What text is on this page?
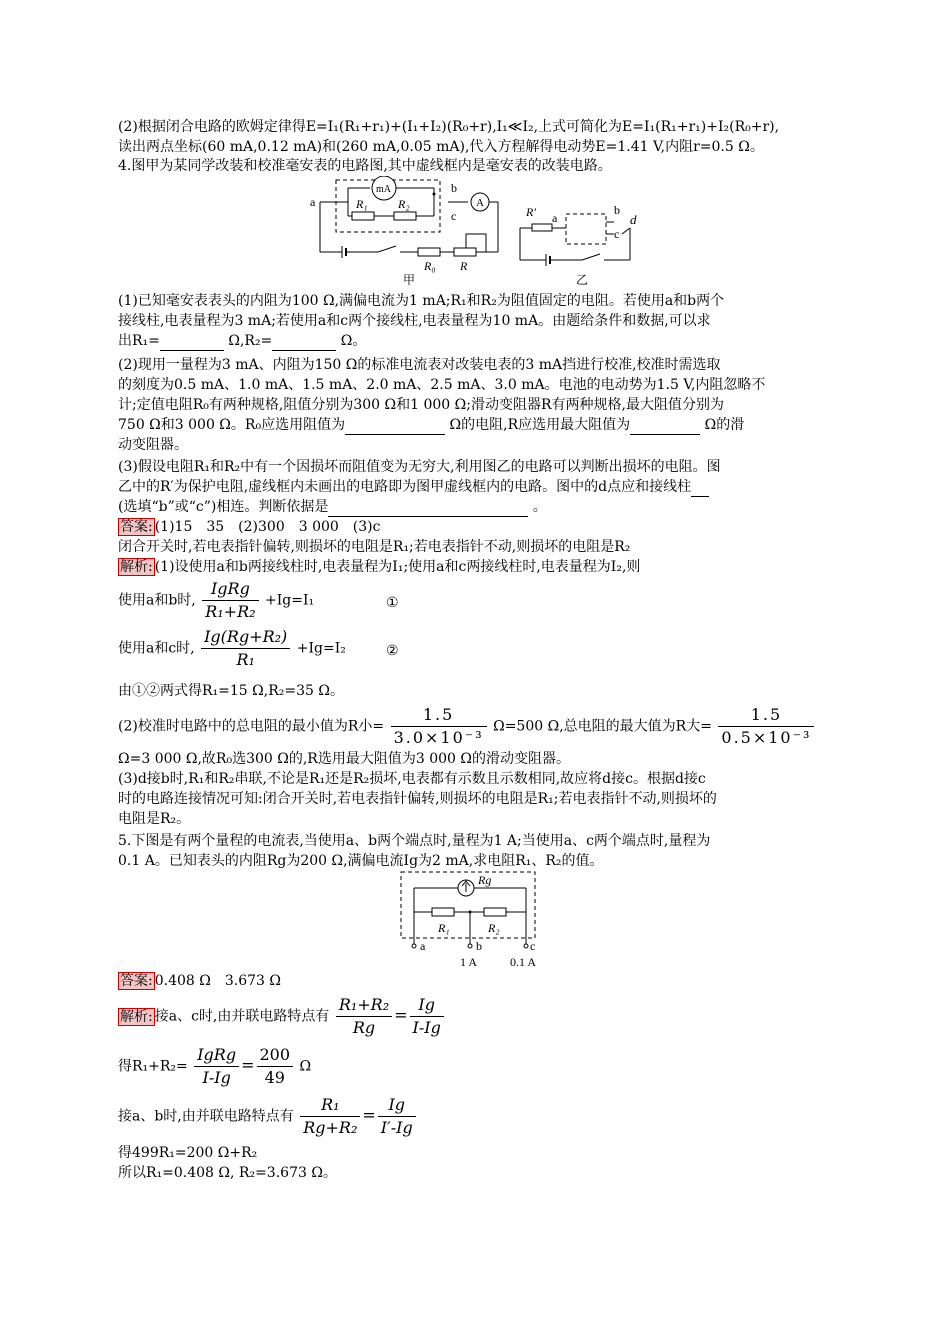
(2)根据闭合电路的欧姆定律得E=I₁(R₁+r₁)+(I₁+I₂)(R₀+r),I₁≪I₂,上式可简化为E=I₁(R₁+r₁)+I₂(R₀+r),
读出两点坐标(60 mA,0.12 mA)和(260 mA,0.05 mA),代入方程解得电动势E=1.41 V,内阻r=0.5 Ω。
4.图甲为某同学改装和校准毫安表的电路图,其中虚线框内是毫安表的改装电路。
mA
R₁	R₂
b
c
a	A
R₀ R
甲
R′ a
b
c
d
乙
(1)已知毫安表表头的内阻为100 Ω,满偏电流为1 mA;R₁和R₂为阻值固定的电阻。若使用a和b两个
接线柱,电表量程为3 mA;若使用a和c两个接线柱,电表量程为10 mA。由题给条件和数据,可以求
出R₁=	Ω,R₂=	Ω。
(2)现用一量程为3 mA、内阻为150 Ω的标准电流表对改装电表的3 mA挡进行校准,校准时需选取
的刻度为0.5 mA、1.0 mA、1.5 mA、2.0 mA、2.5 mA、3.0 mA。电池的电动势为1.5 V,内阻忽略不
计;定值电阻R₀有两种规格,阻值分别为300 Ω和1 000 Ω;滑动变阻器R有两种规格,最大阻值分别为
750 Ω和3 000 Ω。R₀应选用阻值为	Ω的电阻,R应选用最大阻值为	Ω的滑
动变阻器。
(3)假设电阻R₁和R₂中有一个因损坏而阻值变为无穷大,利用图乙的电路可以判断出损坏的电阻。图
乙中的R′为保护电阻,虚线框内未画出的电路即为图甲虚线框内的电路。图中的d点应和接线柱
(选填“b”或“c”)相连。判断依据是	。
答案: (1)15　35　(2)300　3 000　(3)c
闭合开关时,若电表指针偏转,则损坏的电阻是R₁;若电表指针不动,则损坏的电阻是R₂
解析: (1)设使用a和b两接线柱时,电表量程为I₁;使用a和c两接线柱时,电表量程为I₂,则
使用a和b时, $\frac{\text{IgRg}}{\text{R₁+R₂}} +Ig=I_1$	①
使用a和c时, $\frac{\text{Ig(Rg+R₂)}}{\text{R₁}} +Ig=I_2$	②
由①②两式得R₁=15 Ω,R₂=35 Ω。
(2)校准时电路中的总电阻的最小值为R小= $\frac{1.5}{\text{3.0×10⁻³}} \Omega=500$ Ω,总电阻的最大值为R大= $\frac{1.5}{\text{0.5×10⁻³}}$
Ω=3 000 Ω,故R₀选300 Ω的,R选用最大阻值为3 000 Ω的滑动变阻器。
(3)d接b时,R₁和R₂串联,不论是R₁还是R₂损坏,电表都有示数且示数相同,故应将d接c。根据d接c
时的电路连接情况可知:闭合开关时,若电表指针偏转,则损坏的电阻是R₁;若电表指针不动,则损坏的
电阻是R₂。
5.下图是有两个量程的电流表,当使用a、b两个端点时,量程为1 A;当使用a、c两个端点时,量程为
0.1 A。已知表头的内阻Rg为200 Ω,满偏电流Ig为2 mA,求电阻R₁、R₂的值。
Rg
R₁	R₂
a	b	c
1 A	0.1 A
答案: 0.408 Ω　3.673 Ω
解析: 接a、c时,由并联电路特点有 $\frac{\text{R₁+R₂}}{Rg} = \frac{Ig}{I-Ig}$
得$R_1+R_2= \frac{\text{IgRg}}{I-Ig} = \frac{200}{49}$ Ω
接a、b时,由并联电路特点有 $\frac{\text{R₁}}{\text{Rg+R₂}} = \frac{Ig}{I'-Ig}$
得499R₁=200 Ω+R₂
所以R₁=0.408 Ω, R₂=3.673 Ω。
